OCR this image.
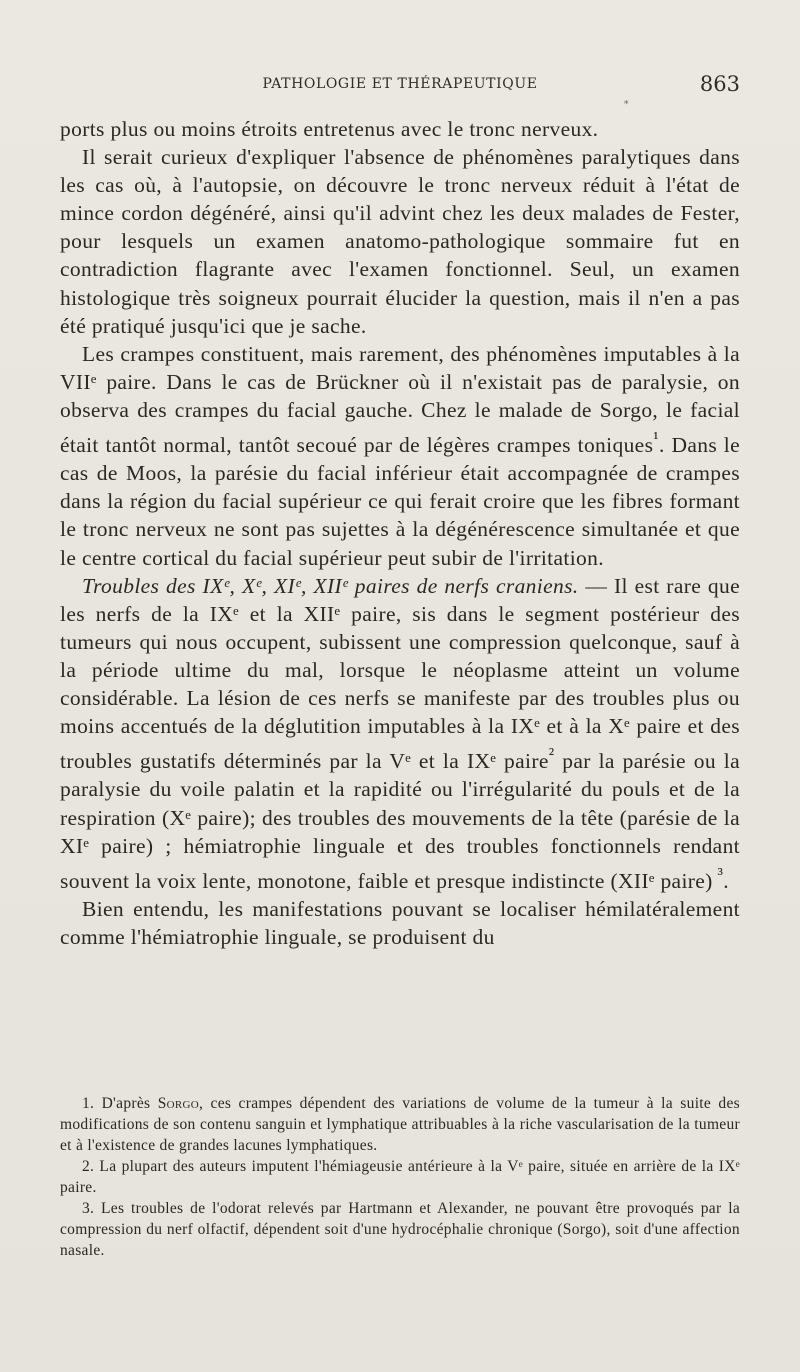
PATHOLOGIE ET THÉRAPEUTIQUE	863
*

ports plus ou moins étroits entretenus avec le tronc nerveux.

Il serait curieux d'expliquer l'absence de phénomènes paralytiques dans les cas où, à l'autopsie, on découvre le tronc nerveux réduit à l'état de mince cordon dégénéré, ainsi qu'il advint chez les deux malades de Fester, pour lesquels un examen anatomo-pathologique sommaire fut en contradiction flagrante avec l'examen fonctionnel. Seul, un examen histologique très soigneux pourrait élucider la question, mais il n'en a pas été pratiqué jusqu'ici que je sache.

Les crampes constituent, mais rarement, des phénomènes imputables à la VIIᵉ paire. Dans le cas de Brückner où il n'existait pas de paralysie, on observa des crampes du facial gauche. Chez le malade de Sorgo, le facial était tantôt normal, tantôt secoué par de légères crampes toniques$^{^1}$. Dans le cas de Moos, la parésie du facial inférieur était accompagnée de crampes dans la région du facial supérieur ce qui ferait croire que les fibres formant le tronc nerveux ne sont pas sujettes à la dégénérescence simultanée et que le centre cortical du facial supérieur peut subir de l'irritation.

Troubles des IXᵉ, Xᵉ, XIᵉ, XIIᵉ paires de nerfs craniens. — Il est rare que les nerfs de la IXᵉ et la XIIᵉ paire, sis dans le segment postérieur des tumeurs qui nous occupent, subissent une compression quelconque, sauf à la période ultime du mal, lorsque le néoplasme atteint un volume considérable. La lésion de ces nerfs se manifeste par des troubles plus ou moins accentués de la déglutition imputables à la IXᵉ et à la Xᵉ paire et des troubles gustatifs déterminés par la Vᵉ et la IXᵉ paire$^{^2}$ par la parésie ou la paralysie du voile palatin et la rapidité ou l'irrégularité du pouls et de la respiration (Xᵉ paire); des troubles des mouvements de la tête (parésie de la XIᵉ paire) ; hémiatrophie linguale et des troubles fonctionnels rendant souvent la voix lente, monotone, faible et presque indistincte (XIIᵉ paire) $^{^3}$.

Bien entendu, les manifestations pouvant se localiser hémilatéralement comme l'hémiatrophie linguale, se produisent du

1. D'après Sorgo, ces crampes dépendent des variations de volume de la tumeur à la suite des modifications de son contenu sanguin et lymphatique attribuables à la riche vascularisation de la tumeur et à l'existence de grandes lacunes lymphatiques.

2. La plupart des auteurs imputent l'hémiageusie antérieure à la Vᵉ paire, située en arrière de la IXᵉ paire.

3. Les troubles de l'odorat relevés par Hartmann et Alexander, ne pouvant être provoqués par la compression du nerf olfactif, dépendent soit d'une hydrocéphalie chronique (Sorgo), soit d'une affection nasale.
